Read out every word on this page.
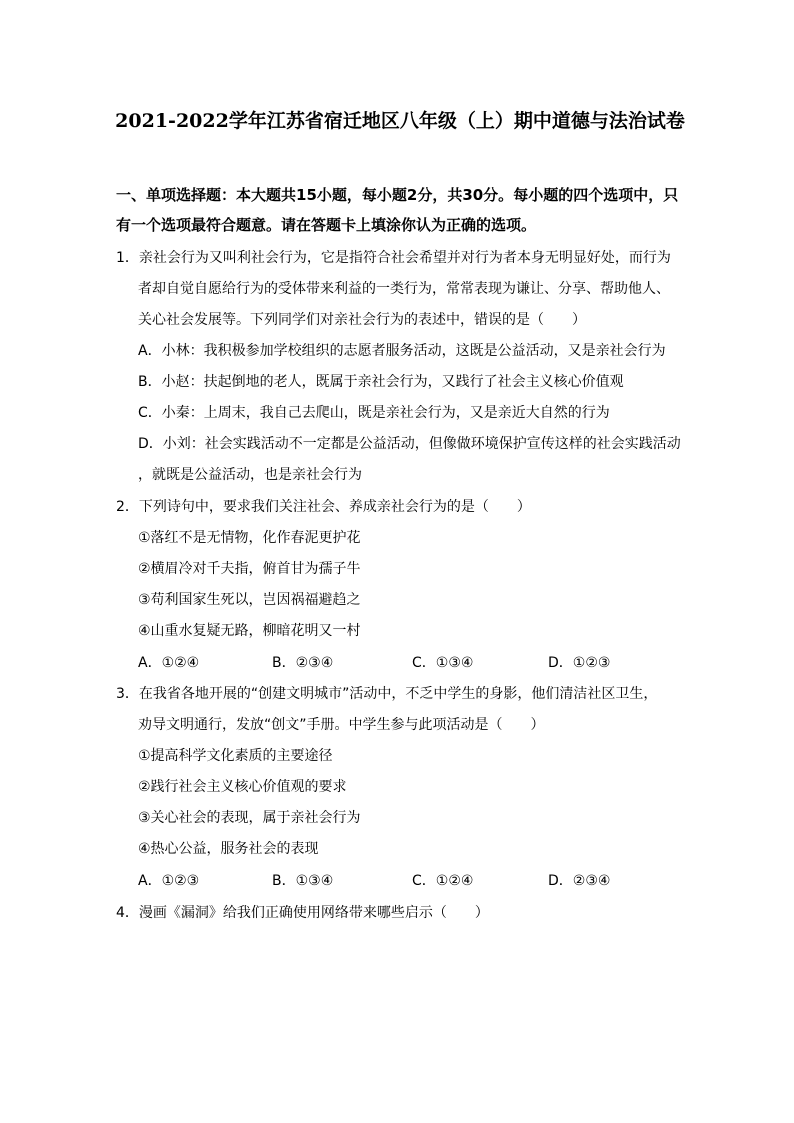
2021-2022学年江苏省宿迁地区八年级（上）期中道德与法治试卷
一、单项选择题：本大题共15小题，每小题2分，共30分。每小题的四个选项中，只有一个选项最符合题意。请在答题卡上填涂你认为正确的选项。
1．亲社会行为又叫利社会行为，它是指符合社会希望并对行为者本身无明显好处，而行为
者却自觉自愿给行为的受体带来利益的一类行为，常常表现为谦让、分享、帮助他人、
关心社会发展等。下列同学们对亲社会行为的表述中，错误的是（　　）
A．小林：我积极参加学校组织的志愿者服务活动，这既是公益活动，又是亲社会行为
B．小赵：扶起倒地的老人，既属于亲社会行为，又践行了社会主义核心价值观
C．小秦：上周末，我自己去爬山，既是亲社会行为，又是亲近大自然的行为
D．小刘：社会实践活动不一定都是公益活动，但像做环境保护宣传这样的社会实践活动
，就既是公益活动，也是亲社会行为
2．下列诗句中，要求我们关注社会、养成亲社会行为的是（　　）
①落红不是无情物，化作春泥更护花
②横眉冷对千夫指，俯首甘为孺子牛
③苟利国家生死以，岂因祸福避趋之
④山重水复疑无路，柳暗花明又一村
A．①②④	B．②③④	C．①③④	D．①②③
3．在我省各地开展的“创建文明城市”活动中，不乏中学生的身影，他们清洁社区卫生，
劝导文明通行，发放“创文”手册。中学生参与此项活动是（　　）
①提高科学文化素质的主要途径
②践行社会主义核心价值观的要求
③关心社会的表现，属于亲社会行为
④热心公益，服务社会的表现
A．①②③	B．①③④	C．①②④	D．②③④
4．漫画《漏洞》给我们正确使用网络带来哪些启示（　　）
